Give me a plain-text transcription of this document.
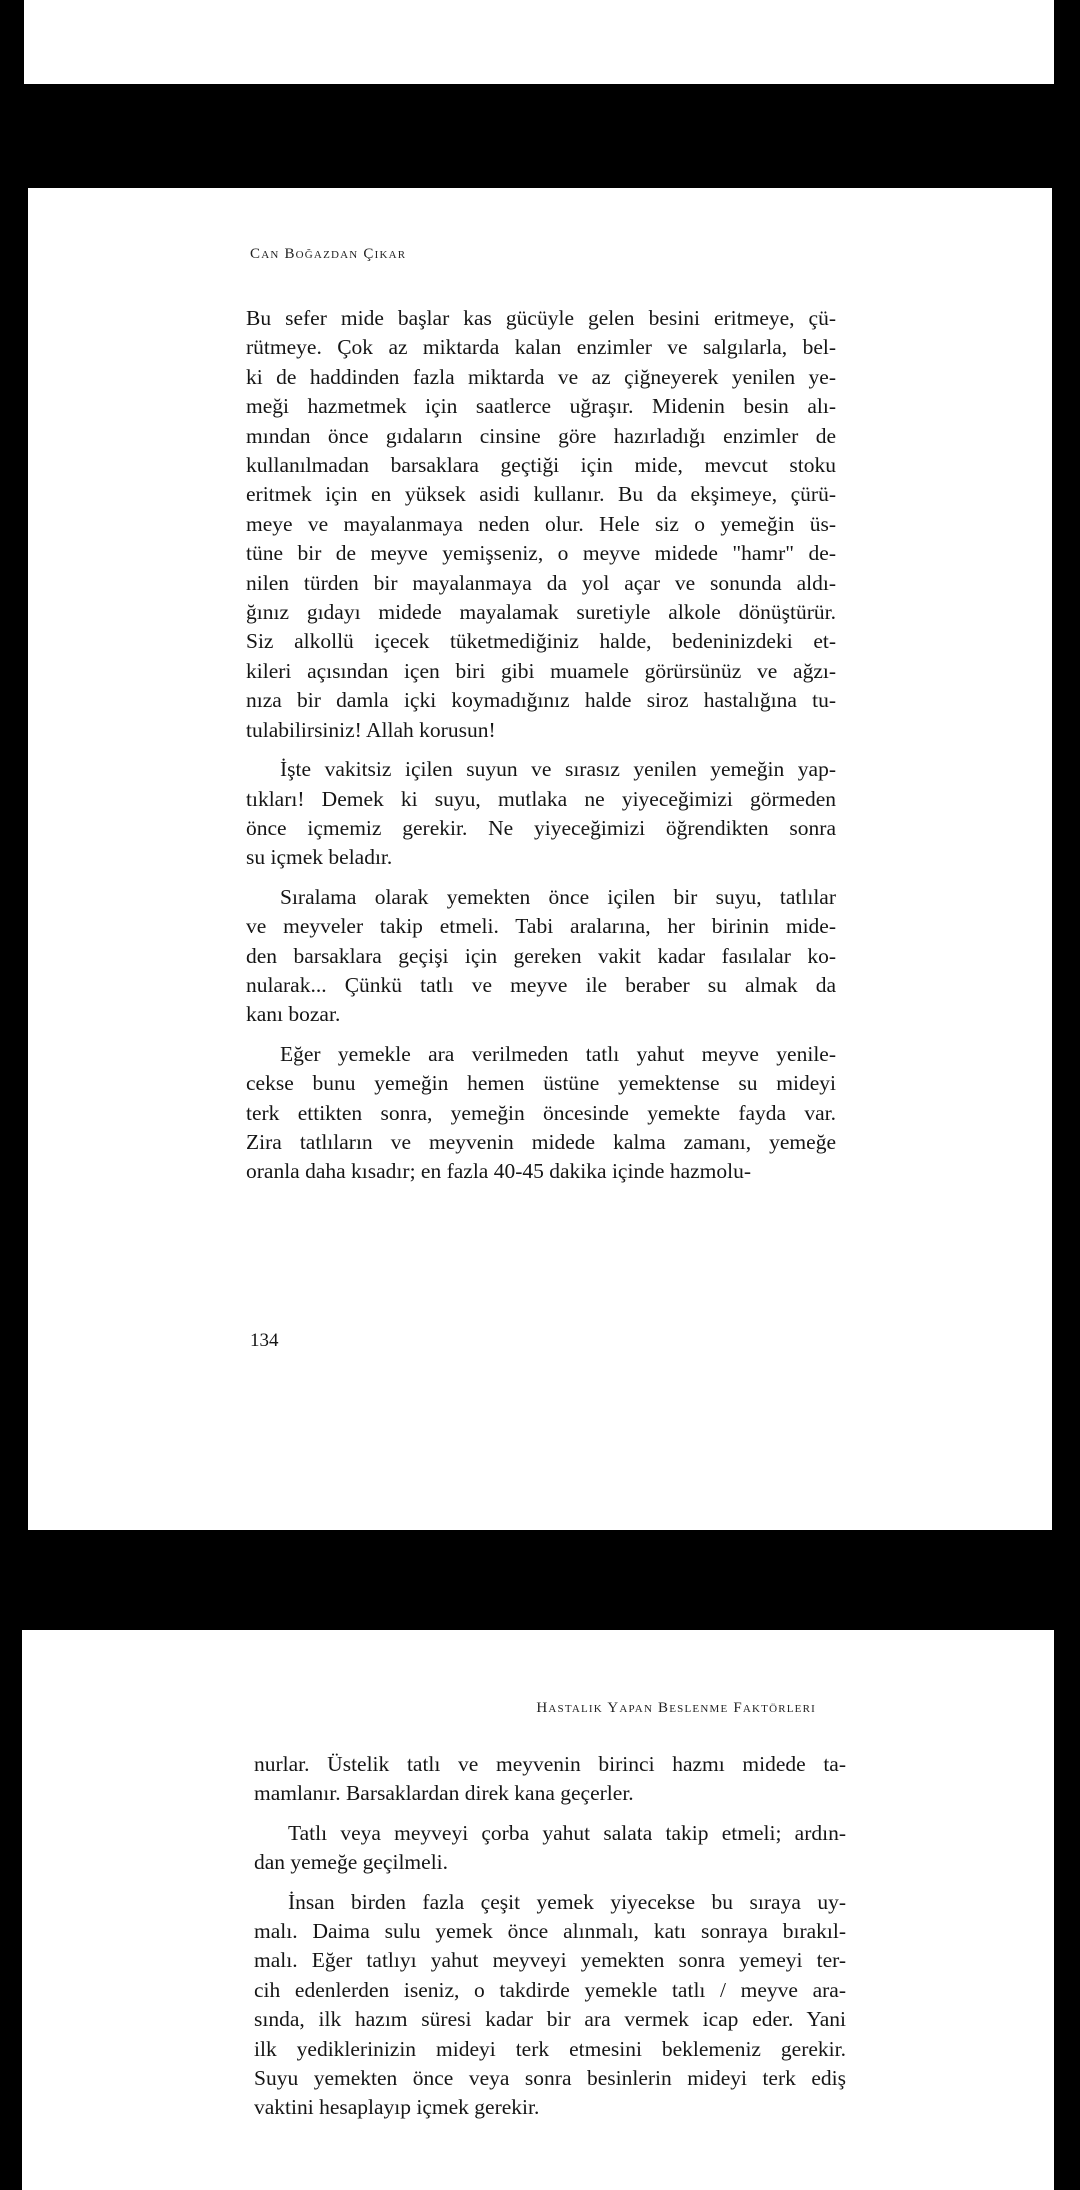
Can Boğazdan Çıkar
Bu sefer mide başlar kas gücüyle gelen besini eritmeye, çü-
rütmeye. Çok az miktarda kalan enzimler ve salgılarla, bel-
ki de haddinden fazla miktarda ve az çiğneyerek yenilen ye-
meği hazmetmek için saatlerce uğraşır. Midenin besin alı-
mından önce gıdaların cinsine göre hazırladığı enzimler de
kullanılmadan barsaklara geçtiği için mide, mevcut stoku
eritmek için en yüksek asidi kullanır. Bu da ekşimeye, çürü-
meye ve mayalanmaya neden olur. Hele siz o yemeğin üs-
tüne bir de meyve yemişseniz, o meyve midede "hamr" de-
nilen türden bir mayalanmaya da yol açar ve sonunda aldı-
ğınız gıdayı midede mayalamak suretiyle alkole dönüştürür.
Siz alkollü içecek tüketmediğiniz halde, bedeninizdeki et-
kileri açısından içen biri gibi muamele görürsünüz ve ağzı-
nıza bir damla içki koymadığınız halde siroz hastalığına tu-
tulabilirsiniz! Allah korusun!
İşte vakitsiz içilen suyun ve sırasız yenilen yemeğin yap-
tıkları! Demek ki suyu, mutlaka ne yiyeceğimizi görmeden
önce içmemiz gerekir. Ne yiyeceğimizi öğrendikten sonra
su içmek beladır.
Sıralama olarak yemekten önce içilen bir suyu, tatlılar
ve meyveler takip etmeli. Tabi aralarına, her birinin mide-
den barsaklara geçişi için gereken vakit kadar fasılalar ko-
nularak... Çünkü tatlı ve meyve ile beraber su almak da
kanı bozar.
Eğer yemekle ara verilmeden tatlı yahut meyve yenile-
cekse bunu yemeğin hemen üstüne yemektense su mideyi
terk ettikten sonra, yemeğin öncesinde yemekte fayda var.
Zira tatlıların ve meyvenin midede kalma zamanı, yemeğe
oranla daha kısadır; en fazla 40-45 dakika içinde hazmolu-
134
Hastalık Yapan Beslenme Faktörleri
nurlar. Üstelik tatlı ve meyvenin birinci hazmı midede ta-
mamlanır. Barsaklardan direk kana geçerler.
Tatlı veya meyveyi çorba yahut salata takip etmeli; ardın-
dan yemeğe geçilmeli.
İnsan birden fazla çeşit yemek yiyecekse bu sıraya uy-
malı. Daima sulu yemek önce alınmalı, katı sonraya bırakıl-
malı. Eğer tatlıyı yahut meyveyi yemekten sonra yemeyi ter-
cih edenlerden iseniz, o takdirde yemekle tatlı / meyve ara-
sında, ilk hazım süresi kadar bir ara vermek icap eder. Yani
ilk yediklerinizin mideyi terk etmesini beklemeniz gerekir.
Suyu yemekten önce veya sonra besinlerin mideyi terk ediş
vaktini hesaplayıp içmek gerekir.
